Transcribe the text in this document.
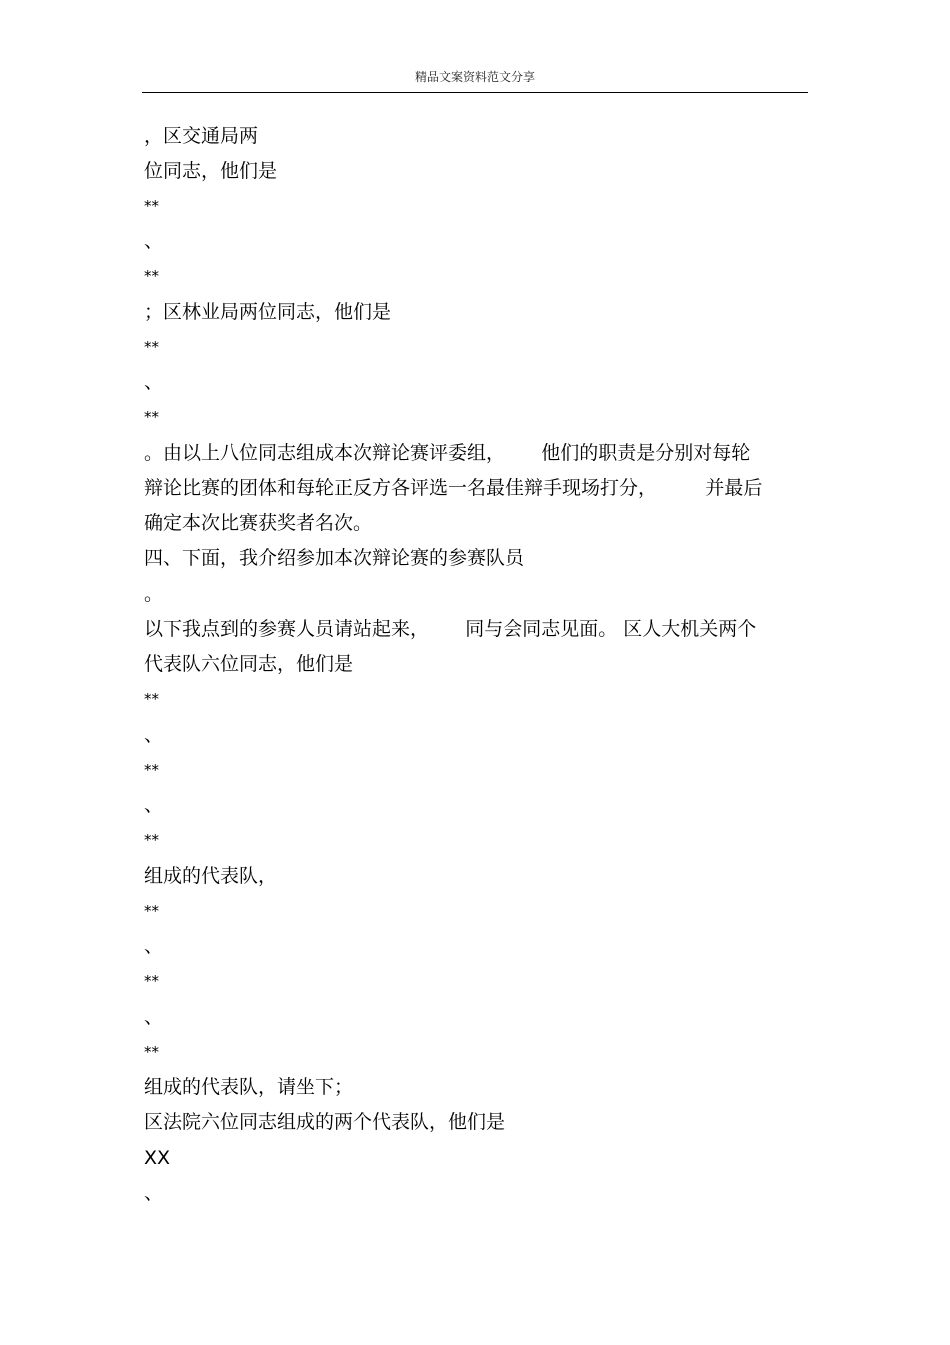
精品文案资料范文分享
，区交通局两
位同志，他们是
**
、
**
；区林业局两位同志，他们是
**
、
**
。由以上八位同志组成本次辩论赛评委组，      他们的职责是分别对每轮
辩论比赛的团体和每轮正反方各评选一名最佳辩手现场打分，        并最后
确定本次比赛获奖者名次。
四、下面，我介绍参加本次辩论赛的参赛队员
。
以下我点到的参赛人员请站起来，      同与会同志见面。 区人大机关两个
代表队六位同志，他们是
**
、
**
、
**
组成的代表队，
**
、
**
、
**
组成的代表队，请坐下；
区法院六位同志组成的两个代表队，他们是
XX
、
